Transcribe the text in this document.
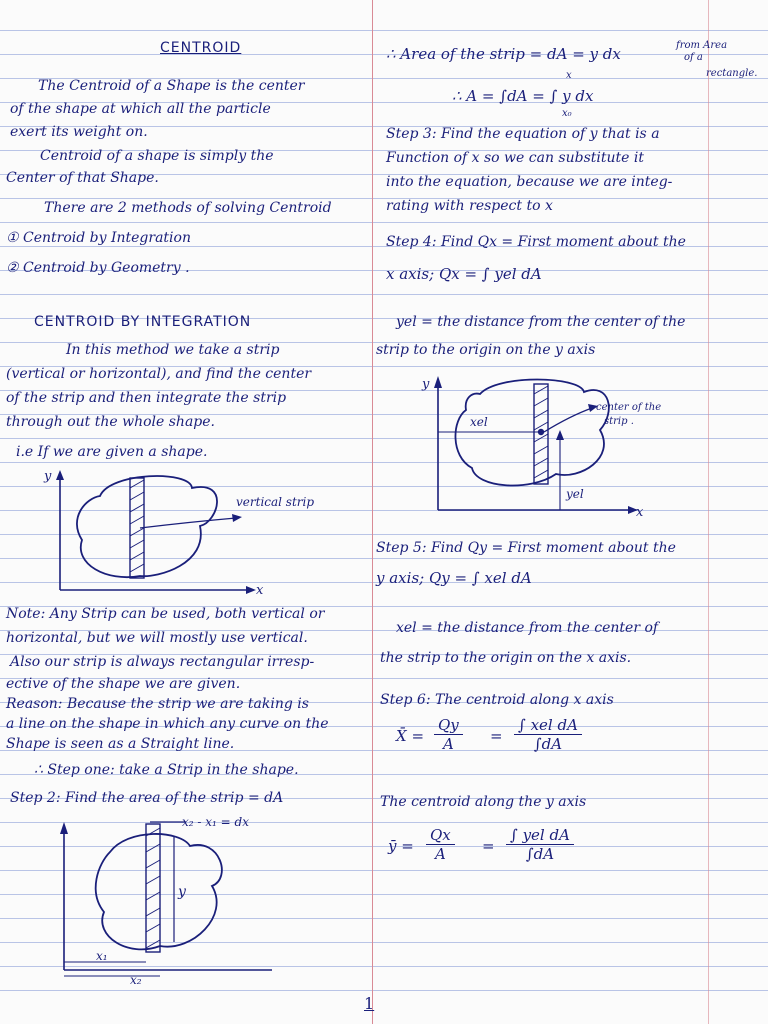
CENTROID
The Centroid of a Shape is the center
of the shape at which all the particle
exert its weight on.
Centroid of a shape is simply the
Center of that Shape.
There are 2 methods of solving Centroid
① Centroid by Integration
② Centroid by Geometry .
CENTROID BY INTEGRATION
In this method we take a strip
(vertical or horizontal), and find the center
of the strip and then integrate the strip
through out the whole shape.
i.e If we are given a shape.
y
x
vertical strip
Note: Any Strip can be used, both vertical or
horizontal, but we will mostly use vertical.
Also our strip is always rectangular irresp-
ective of the shape we are given.
Reason: Because the strip we are taking is
a line on the shape in which any curve on the
Shape is seen as a Straight line.
∴ Step one: take a Strip in the shape.
Step 2: Find the area of the strip = dA
x₂ - x₁ = dx
y
x₁
x₂
∴ Area of the strip = dA = y dx	from Area
of a
rectangle.
∴ A = ∫dA = ∫ y dx
x
x₀
Step 3: Find the equation of y that is a
Function of x so we can substitute it
into the equation, because we are integ-
rating with respect to x
Step 4: Find Qx = First moment about the
x axis; Qx = ∫ yel dA
yel = the distance from the center of the
strip to the origin on the y axis
y
x
xel
yel
center of the
strip .
Step 5: Find Qy = First moment about the
y axis; Qy = ∫ xel dA
xel = the distance from the center of
the strip to the origin on the x axis.
Step 6: The centroid along x axis
X̄ = $\frac{Qy}{A}$ =
∫ xel dA
∫dA
The centroid along the y axis
ȳ = $\frac{Qx}{A}$ =
∫ yel dA
∫dA
1
